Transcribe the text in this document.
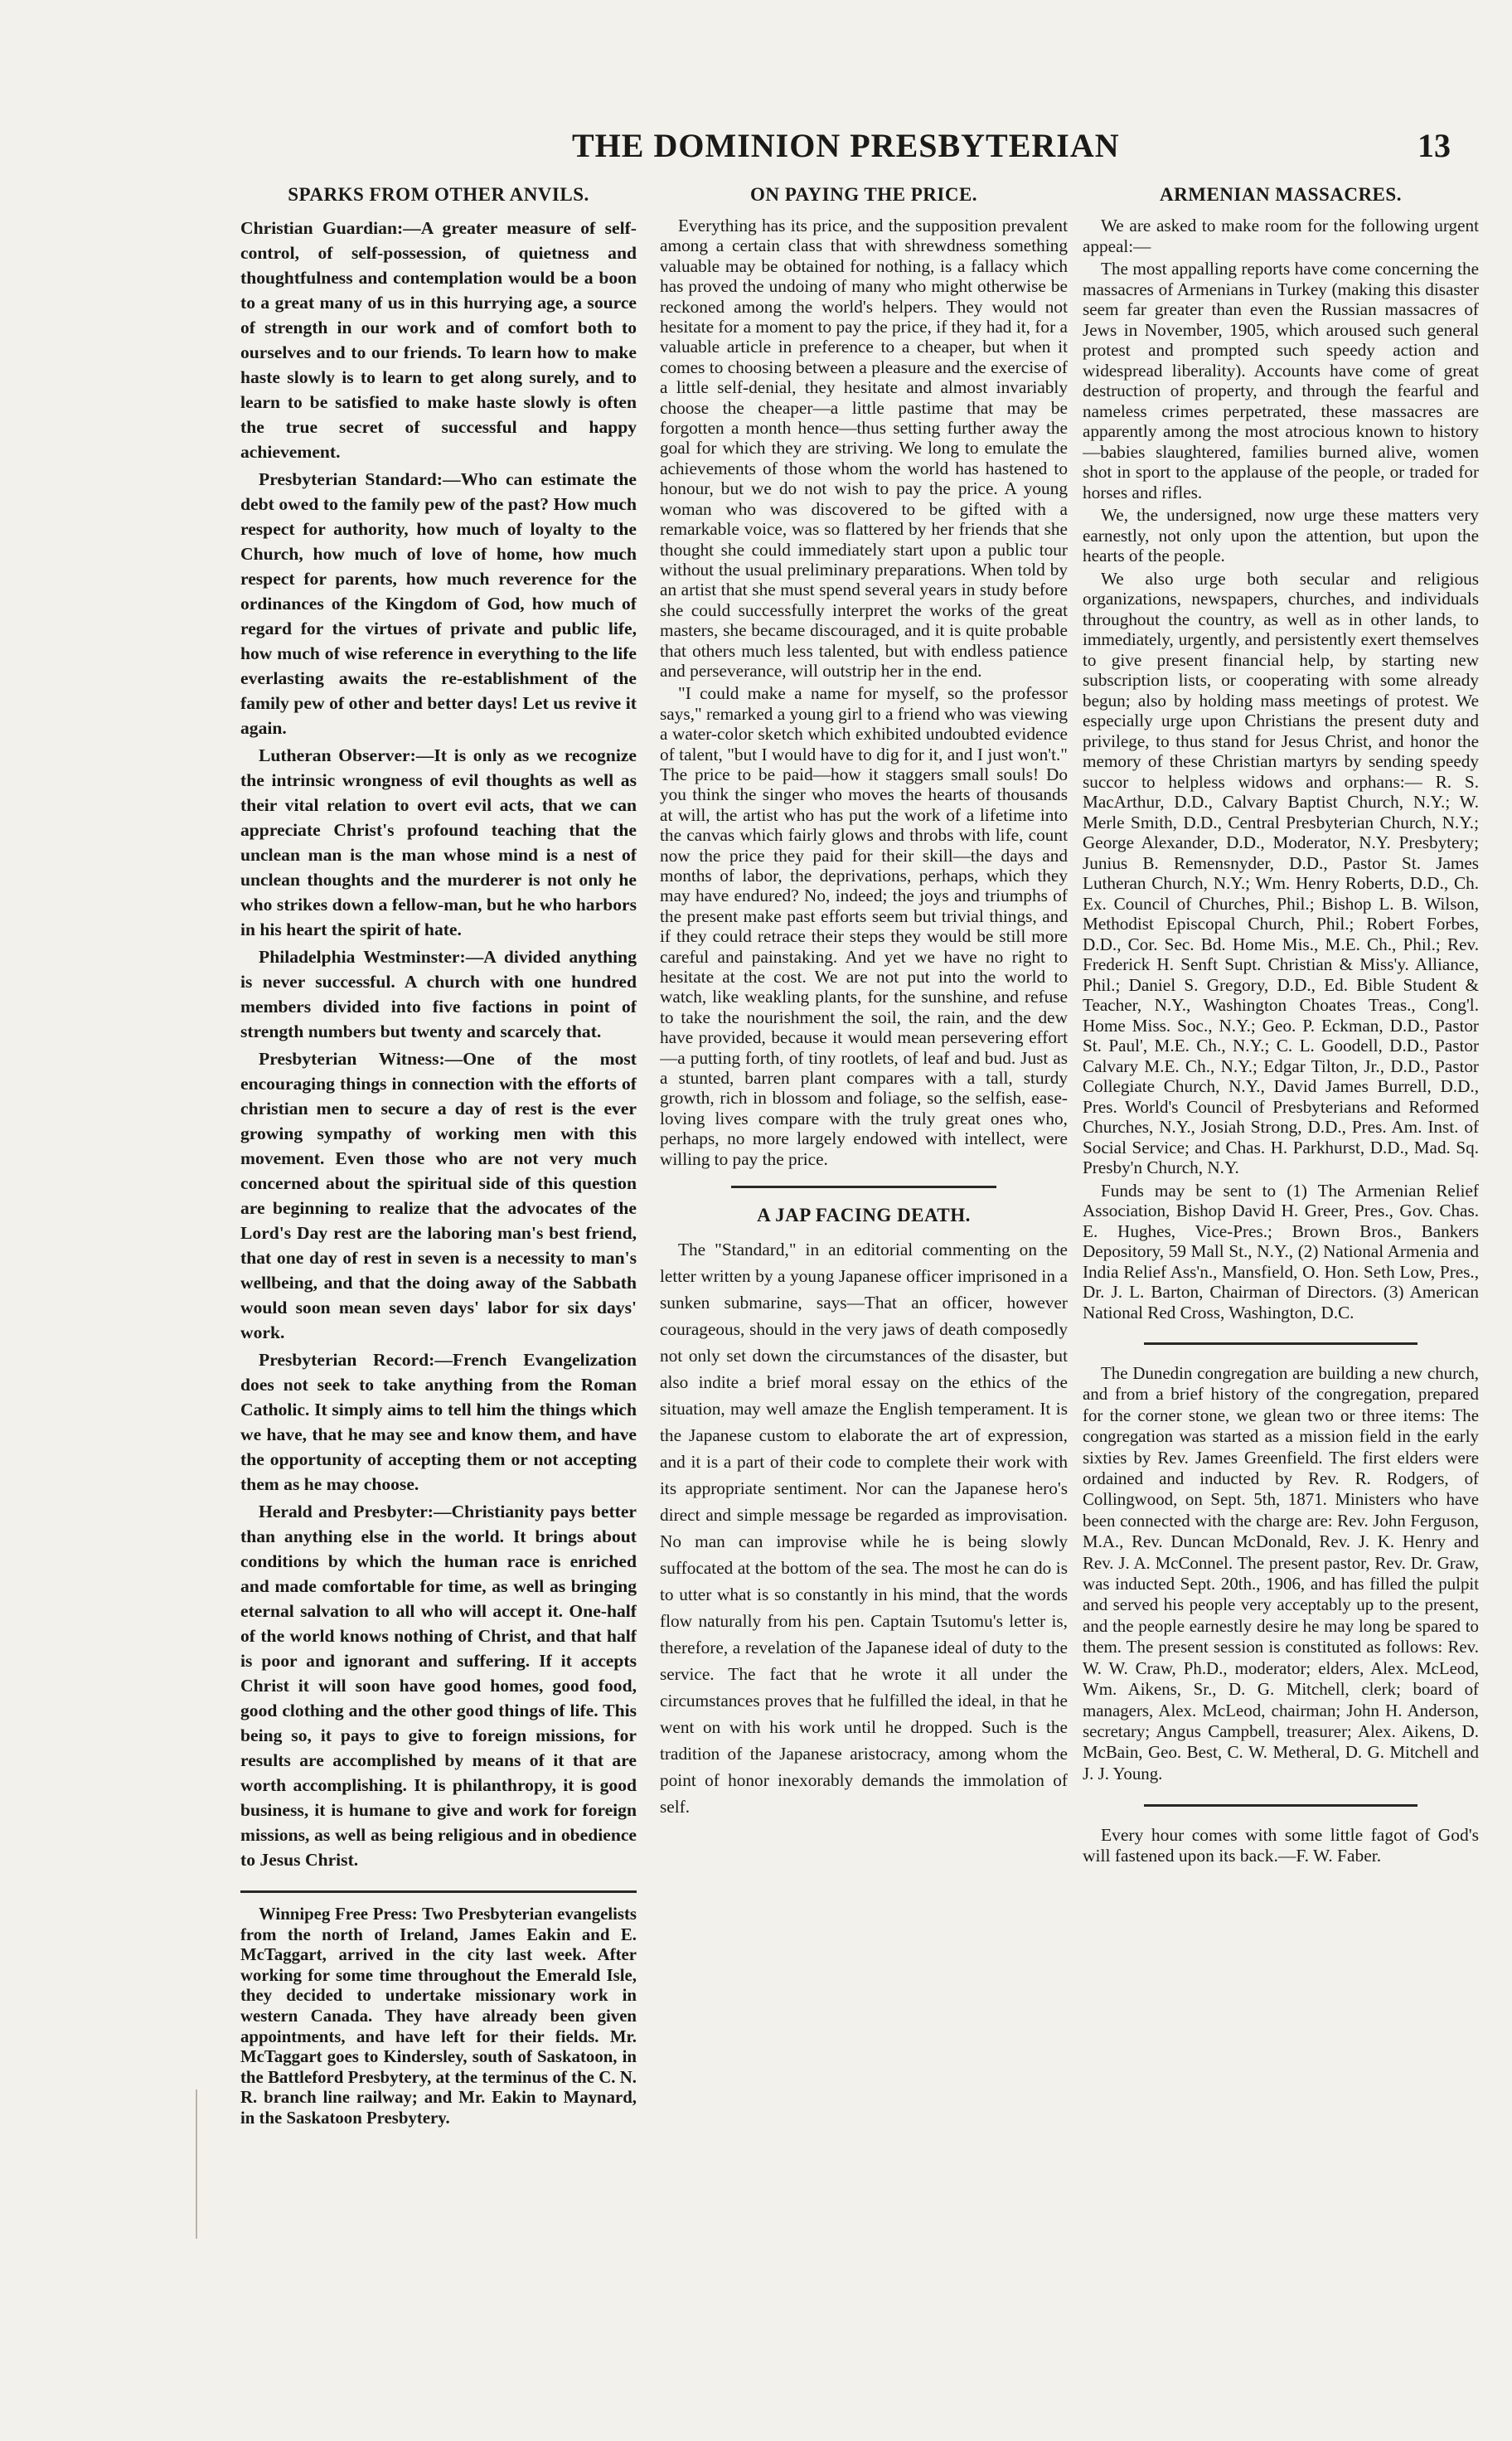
THE DOMINION PRESBYTERIAN	13
SPARKS FROM OTHER ANVILS.

Christian Guardian:—A greater measure of self-control, of self-possession, of quietness and thoughtfulness and contemplation would be a boon to a great many of us in this hurrying age, a source of strength in our work and of comfort both to ourselves and to our friends. To learn how to make haste slowly is to learn to get along surely, and to learn to be satisfied to make haste slowly is often the true secret of successful and happy achievement.

Presbyterian Standard:—Who can estimate the debt owed to the family pew of the past? How much respect for authority, how much of loyalty to the Church, how much of love of home, how much respect for parents, how much reverence for the ordinances of the Kingdom of God, how much of regard for the virtues of private and public life, how much of wise reference in everything to the life everlasting awaits the re-establishment of the family pew of other and better days! Let us revive it again.

Lutheran Observer:—It is only as we recognize the intrinsic wrongness of evil thoughts as well as their vital relation to overt evil acts, that we can appreciate Christ's profound teaching that the unclean man is the man whose mind is a nest of unclean thoughts and the murderer is not only he who strikes down a fellow-man, but he who harbors in his heart the spirit of hate.

Philadelphia Westminster:—A divided anything is never successful. A church with one hundred members divided into five factions in point of strength numbers but twenty and scarcely that.

Presbyterian Witness:—One of the most encouraging things in connection with the efforts of christian men to secure a day of rest is the ever growing sympathy of working men with this movement. Even those who are not very much concerned about the spiritual side of this question are beginning to realize that the advocates of the Lord's Day rest are the laboring man's best friend, that one day of rest in seven is a necessity to man's wellbeing, and that the doing away of the Sabbath would soon mean seven days' labor for six days' work.

Presbyterian Record:—French Evangelization does not seek to take anything from the Roman Catholic. It simply aims to tell him the things which we have, that he may see and know them, and have the opportunity of accepting them or not accepting them as he may choose.

Herald and Presbyter:—Christianity pays better than anything else in the world. It brings about conditions by which the human race is enriched and made comfortable for time, as well as bringing eternal salvation to all who will accept it. One-half of the world knows nothing of Christ, and that half is poor and ignorant and suffering. If it accepts Christ it will soon have good homes, good food, good clothing and the other good things of life. This being so, it pays to give to foreign missions, for results are accomplished by means of it that are worth accomplishing. It is philanthropy, it is good business, it is humane to give and work for foreign missions, as well as being religious and in obedience to Jesus Christ.

Winnipeg Free Press: Two Presbyterian evangelists from the north of Ireland, James Eakin and E. McTaggart, arrived in the city last week. After working for some time throughout the Emerald Isle, they decided to undertake missionary work in western Canada. They have already been given appointments, and have left for their fields. Mr. McTaggart goes to Kindersley, south of Saskatoon, in the Battleford Presbytery, at the terminus of the C. N. R. branch line railway; and Mr. Eakin to Maynard, in the Saskatoon Presbytery.

ON PAYING THE PRICE.

Everything has its price, and the supposition prevalent among a certain class that with shrewdness something valuable may be obtained for nothing, is a fallacy which has proved the undoing of many who might otherwise be reckoned among the world's helpers. They would not hesitate for a moment to pay the price, if they had it, for a valuable article in preference to a cheaper, but when it comes to choosing between a pleasure and the exercise of a little self-denial, they hesitate and almost invariably choose the cheaper—a little pastime that may be forgotten a month hence—thus setting further away the goal for which they are striving. We long to emulate the achievements of those whom the world has hastened to honour, but we do not wish to pay the price. A young woman who was discovered to be gifted with a remarkable voice, was so flattered by her friends that she thought she could immediately start upon a public tour without the usual preliminary preparations. When told by an artist that she must spend several years in study before she could successfully interpret the works of the great masters, she became discouraged, and it is quite probable that others much less talented, but with endless patience and perseverance, will outstrip her in the end.

"I could make a name for myself, so the professor says," remarked a young girl to a friend who was viewing a water-color sketch which exhibited undoubted evidence of talent, "but I would have to dig for it, and I just won't." The price to be paid—how it staggers small souls! Do you think the singer who moves the hearts of thousands at will, the artist who has put the work of a lifetime into the canvas which fairly glows and throbs with life, count now the price they paid for their skill—the days and months of labor, the deprivations, perhaps, which they may have endured? No, indeed; the joys and triumphs of the present make past efforts seem but trivial things, and if they could retrace their steps they would be still more careful and painstaking. And yet we have no right to hesitate at the cost. We are not put into the world to watch, like weakling plants, for the sunshine, and refuse to take the nourishment the soil, the rain, and the dew have provided, because it would mean persevering effort—a putting forth, of tiny rootlets, of leaf and bud. Just as a stunted, barren plant compares with a tall, sturdy growth, rich in blossom and foliage, so the selfish, ease-loving lives compare with the truly great ones who, perhaps, no more largely endowed with intellect, were willing to pay the price.

A JAP FACING DEATH.

The "Standard," in an editorial commenting on the letter written by a young Japanese officer imprisoned in a sunken submarine, says—That an officer, however courageous, should in the very jaws of death composedly not only set down the circumstances of the disaster, but also indite a brief moral essay on the ethics of the situation, may well amaze the English temperament. It is the Japanese custom to elaborate the art of expression, and it is a part of their code to complete their work with its appropriate sentiment. Nor can the Japanese hero's direct and simple message be regarded as improvisation. No man can improvise while he is being slowly suffocated at the bottom of the sea. The most he can do is to utter what is so constantly in his mind, that the words flow naturally from his pen. Captain Tsutomu's letter is, therefore, a revelation of the Japanese ideal of duty to the service. The fact that he wrote it all under the circumstances proves that he fulfilled the ideal, in that he went on with his work until he dropped. Such is the tradition of the Japanese aristocracy, among whom the point of honor inexorably demands the immolation of self.

ARMENIAN MASSACRES.

We are asked to make room for the following urgent appeal:—

The most appalling reports have come concerning the massacres of Armenians in Turkey (making this disaster seem far greater than even the Russian massacres of Jews in November, 1905, which aroused such general protest and prompted such speedy action and widespread liberality). Accounts have come of great destruction of property, and through the fearful and nameless crimes perpetrated, these massacres are apparently among the most atrocious known to history—babies slaughtered, families burned alive, women shot in sport to the applause of the people, or traded for horses and rifles.

We, the undersigned, now urge these matters very earnestly, not only upon the attention, but upon the hearts of the people.

We also urge both secular and religious organizations, newspapers, churches, and individuals throughout the country, as well as in other lands, to immediately, urgently, and persistently exert themselves to give present financial help, by starting new subscription lists, or cooperating with some already begun; also by holding mass meetings of protest. We especially urge upon Christians the present duty and privilege, to thus stand for Jesus Christ, and honor the memory of these Christian martyrs by sending speedy succor to helpless widows and orphans:— R. S. MacArthur, D.D., Calvary Baptist Church, N.Y.; W. Merle Smith, D.D., Central Presbyterian Church, N.Y.; George Alexander, D.D., Moderator, N.Y. Presbytery; Junius B. Remensnyder, D.D., Pastor St. James Lutheran Church, N.Y.; Wm. Henry Roberts, D.D., Ch. Ex. Council of Churches, Phil.; Bishop L. B. Wilson, Methodist Episcopal Church, Phil.; Robert Forbes, D.D., Cor. Sec. Bd. Home Mis., M.E. Ch., Phil.; Rev. Frederick H. Senft Supt. Christian & Miss'y. Alliance, Phil.; Daniel S. Gregory, D.D., Ed. Bible Student & Teacher, N.Y., Washington Choates Treas., Cong'l. Home Miss. Soc., N.Y.; Geo. P. Eckman, D.D., Pastor St. Paul', M.E. Ch., N.Y.; C. L. Goodell, D.D., Pastor Calvary M.E. Ch., N.Y.; Edgar Tilton, Jr., D.D., Pastor Collegiate Church, N.Y., David James Burrell, D.D., Pres. World's Council of Presbyterians and Reformed Churches, N.Y., Josiah Strong, D.D., Pres. Am. Inst. of Social Service; and Chas. H. Parkhurst, D.D., Mad. Sq. Presby'n Church, N.Y.

Funds may be sent to (1) The Armenian Relief Association, Bishop David H. Greer, Pres., Gov. Chas. E. Hughes, Vice-Pres.; Brown Bros., Bankers Depository, 59 Mall St., N.Y., (2) National Armenia and India Relief Ass'n., Mansfield, O. Hon. Seth Low, Pres., Dr. J. L. Barton, Chairman of Directors. (3) American National Red Cross, Washington, D.C.

The Dunedin congregation are building a new church, and from a brief history of the congregation, prepared for the corner stone, we glean two or three items: The congregation was started as a mission field in the early sixties by Rev. James Greenfield. The first elders were ordained and inducted by Rev. R. Rodgers, of Collingwood, on Sept. 5th, 1871. Ministers who have been connected with the charge are: Rev. John Ferguson, M.A., Rev. Duncan McDonald, Rev. J. K. Henry and Rev. J. A. McConnel. The present pastor, Rev. Dr. Graw, was inducted Sept. 20th., 1906, and has filled the pulpit and served his people very acceptably up to the present, and the people earnestly desire he may long be spared to them. The present session is constituted as follows: Rev. W. W. Craw, Ph.D., moderator; elders, Alex. McLeod, Wm. Aikens, Sr., D. G. Mitchell, clerk; board of managers, Alex. McLeod, chairman; John H. Anderson, secretary; Angus Campbell, treasurer; Alex. Aikens, D. McBain, Geo. Best, C. W. Metheral, D. G. Mitchell and J. J. Young.

Every hour comes with some little fagot of God's will fastened upon its back.—F. W. Faber.
